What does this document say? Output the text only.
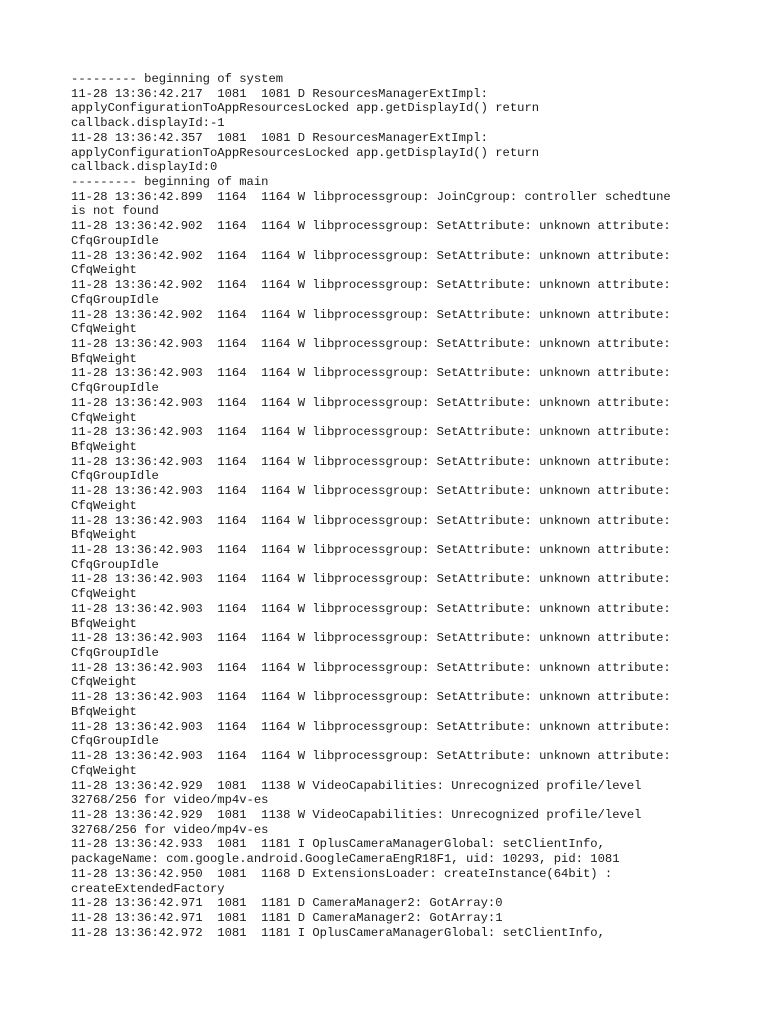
--------- beginning of system
11-28 13:36:42.217  1081  1081 D ResourcesManagerExtImpl:
applyConfigurationToAppResourcesLocked app.getDisplayId() return
callback.displayId:-1
11-28 13:36:42.357  1081  1081 D ResourcesManagerExtImpl:
applyConfigurationToAppResourcesLocked app.getDisplayId() return
callback.displayId:0
--------- beginning of main
11-28 13:36:42.899  1164  1164 W libprocessgroup: JoinCgroup: controller schedtune
is not found
11-28 13:36:42.902  1164  1164 W libprocessgroup: SetAttribute: unknown attribute:
CfqGroupIdle
11-28 13:36:42.902  1164  1164 W libprocessgroup: SetAttribute: unknown attribute:
CfqWeight
11-28 13:36:42.902  1164  1164 W libprocessgroup: SetAttribute: unknown attribute:
CfqGroupIdle
11-28 13:36:42.902  1164  1164 W libprocessgroup: SetAttribute: unknown attribute:
CfqWeight
11-28 13:36:42.903  1164  1164 W libprocessgroup: SetAttribute: unknown attribute:
BfqWeight
11-28 13:36:42.903  1164  1164 W libprocessgroup: SetAttribute: unknown attribute:
CfqGroupIdle
11-28 13:36:42.903  1164  1164 W libprocessgroup: SetAttribute: unknown attribute:
CfqWeight
11-28 13:36:42.903  1164  1164 W libprocessgroup: SetAttribute: unknown attribute:
BfqWeight
11-28 13:36:42.903  1164  1164 W libprocessgroup: SetAttribute: unknown attribute:
CfqGroupIdle
11-28 13:36:42.903  1164  1164 W libprocessgroup: SetAttribute: unknown attribute:
CfqWeight
11-28 13:36:42.903  1164  1164 W libprocessgroup: SetAttribute: unknown attribute:
BfqWeight
11-28 13:36:42.903  1164  1164 W libprocessgroup: SetAttribute: unknown attribute:
CfqGroupIdle
11-28 13:36:42.903  1164  1164 W libprocessgroup: SetAttribute: unknown attribute:
CfqWeight
11-28 13:36:42.903  1164  1164 W libprocessgroup: SetAttribute: unknown attribute:
BfqWeight
11-28 13:36:42.903  1164  1164 W libprocessgroup: SetAttribute: unknown attribute:
CfqGroupIdle
11-28 13:36:42.903  1164  1164 W libprocessgroup: SetAttribute: unknown attribute:
CfqWeight
11-28 13:36:42.903  1164  1164 W libprocessgroup: SetAttribute: unknown attribute:
BfqWeight
11-28 13:36:42.903  1164  1164 W libprocessgroup: SetAttribute: unknown attribute:
CfqGroupIdle
11-28 13:36:42.903  1164  1164 W libprocessgroup: SetAttribute: unknown attribute:
CfqWeight
11-28 13:36:42.929  1081  1138 W VideoCapabilities: Unrecognized profile/level
32768/256 for video/mp4v-es
11-28 13:36:42.929  1081  1138 W VideoCapabilities: Unrecognized profile/level
32768/256 for video/mp4v-es
11-28 13:36:42.933  1081  1181 I OplusCameraManagerGlobal: setClientInfo,
packageName: com.google.android.GoogleCameraEngR18F1, uid: 10293, pid: 1081
11-28 13:36:42.950  1081  1168 D ExtensionsLoader: createInstance(64bit) :
createExtendedFactory
11-28 13:36:42.971  1081  1181 D CameraManager2: GotArray:0
11-28 13:36:42.971  1081  1181 D CameraManager2: GotArray:1
11-28 13:36:42.972  1081  1181 I OplusCameraManagerGlobal: setClientInfo,
